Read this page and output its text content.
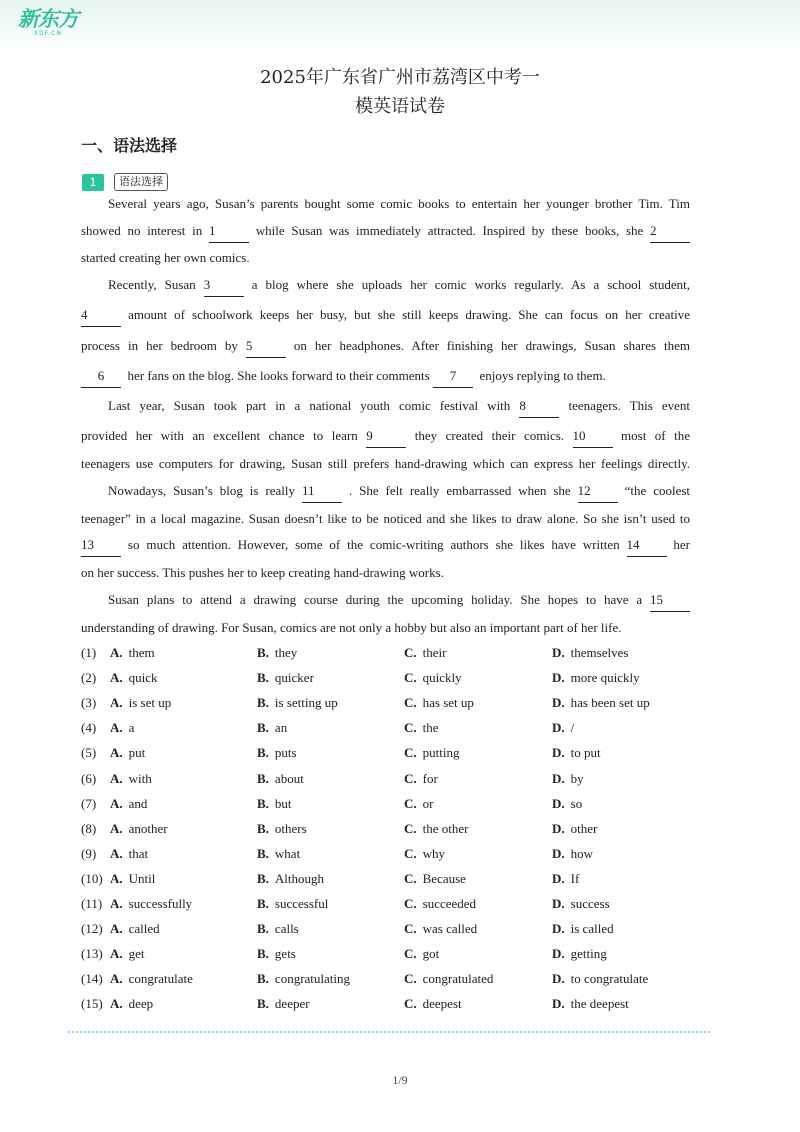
新东方
XDF.CN
2025年广东省广州市荔湾区中考一
模英语试卷
一、语法选择
1	语法选择
Several years ago, Susan’s parents bought some comic books to entertain her younger brother Tim. Tim
showed no interest in 1	while Susan was immediately attracted. Inspired by these books, she 2
started creating her own comics.
Recently, Susan 3	a blog where she uploads her comic works regularly. As a school student,
4	amount of schoolwork keeps her busy, but she still keeps drawing. She can focus on her creative
process in her bedroom by 5	on her headphones. After finishing her drawings, Susan shares them
6 her fans on the blog. She looks forward to their comments 7 enjoys replying to them.
Last year, Susan took part in a national youth comic festival with 8	teenagers. This event
provided her with an excellent chance to learn 9	they created their comics. 10	most of the
teenagers use computers for drawing, Susan still prefers hand-drawing which can express her feelings directly.
Nowadays, Susan’s blog is really 11	. She felt really embarrassed when she 12	“the coolest
teenager” in a local magazine. Susan doesn’t like to be noticed and she likes to draw alone. So she isn’t used to
13	so much attention. However, some of the comic-writing authors she likes have written 14	her
on her success. This pushes her to keep creating hand-drawing works.
Susan plans to attend a drawing course during the upcoming holiday. She hopes to have a 15
understanding of drawing. For Susan, comics are not only a hobby but also an important part of her life.
(1) A. them	B. they	C. their	D. themselves
(2) A. quick	B. quicker	C. quickly	D. more quickly
(3) A. is set up	B. is setting up	C. has set up	D. has been set up
(4) A. a	B. an	C. the	D. /
(5) A. put	B. puts	C. putting	D. to put
(6) A. with	B. about	C. for	D. by
(7) A. and	B. but	C. or	D. so
(8) A. another	B. others	C. the other	D. other
(9) A. that	B. what	C. why	D. how
(10) A. Until	B. Although	C. Because	D. If
(11) A. successfully	B. successful	C. succeeded	D. success
(12) A. called	B. calls	C. was called	D. is called
(13) A. get	B. gets	C. got	D. getting
(14) A. congratulate	B. congratulating	C. congratulated	D. to congratulate
(15) A. deep	B. deeper	C. deepest	D. the deepest
1/9
